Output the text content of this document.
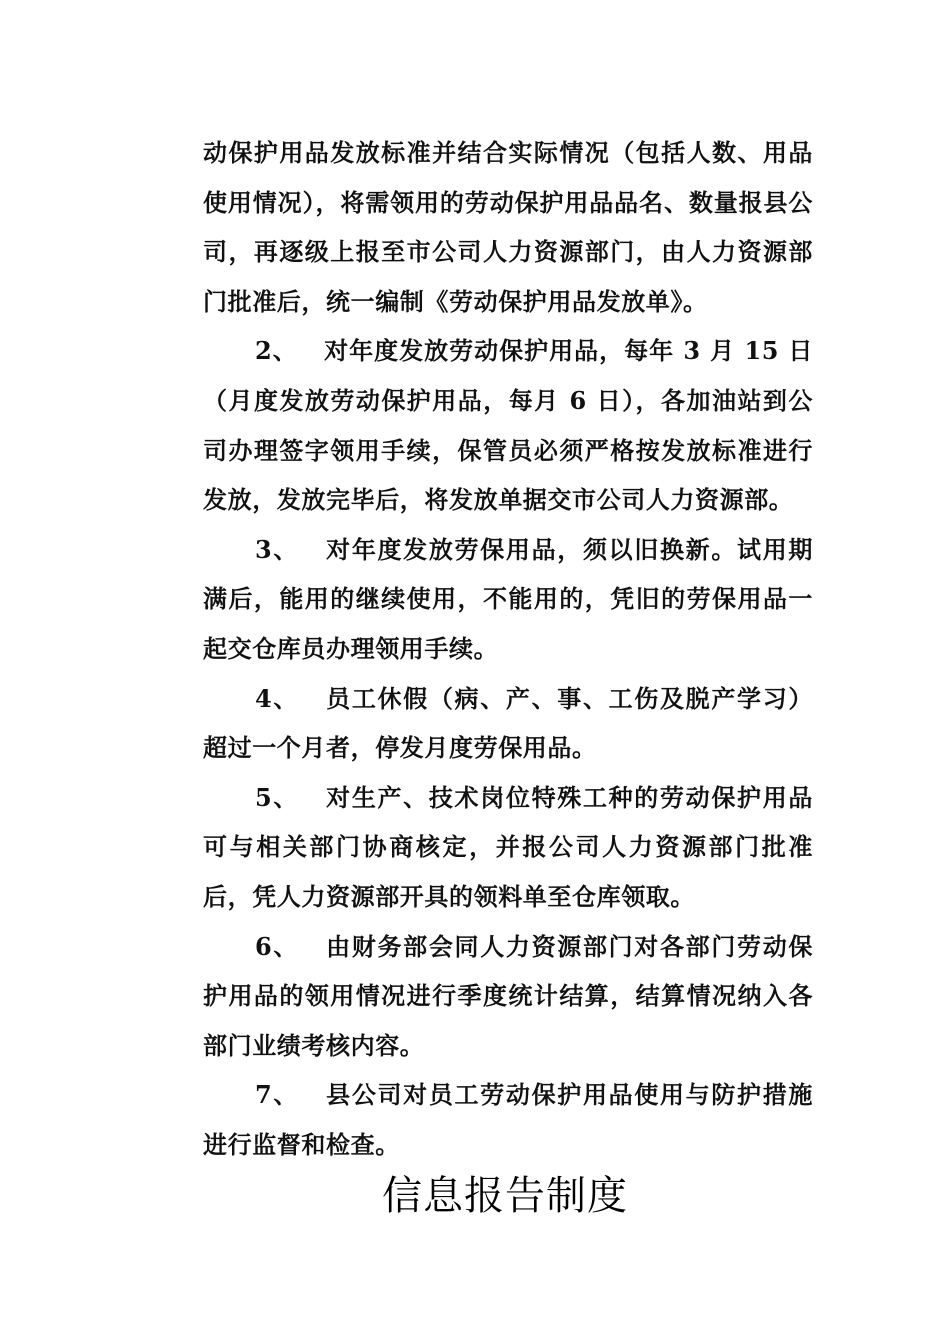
动保护用品发放标准并结合实际情况（包括人数、用品使用情况），将需领用的劳动保护用品品名、数量报县公司，再逐级上报至市公司人力资源部门，由人力资源部门批准后，统一编制《劳动保护用品发放单》。

2、 对年度发放劳动保护用品，每年 3 月 15 日（月度发放劳动保护用品，每月 6 日），各加油站到公司办理签字领用手续，保管员必须严格按发放标准进行发放，发放完毕后，将发放单据交市公司人力资源部。

3、 对年度发放劳保用品，须以旧换新。试用期满后，能用的继续使用，不能用的，凭旧的劳保用品一起交仓库员办理领用手续。

4、 员工休假（病、产、事、工伤及脱产学习）超过一个月者，停发月度劳保用品。

5、 对生产、技术岗位特殊工种的劳动保护用品可与相关部门协商核定，并报公司人力资源部门批准后，凭人力资源部开具的领料单至仓库领取。

6、 由财务部会同人力资源部门对各部门劳动保护用品的领用情况进行季度统计结算，结算情况纳入各部门业绩考核内容。

7、 县公司对员工劳动保护用品使用与防护措施进行监督和检查。

信息报告制度
